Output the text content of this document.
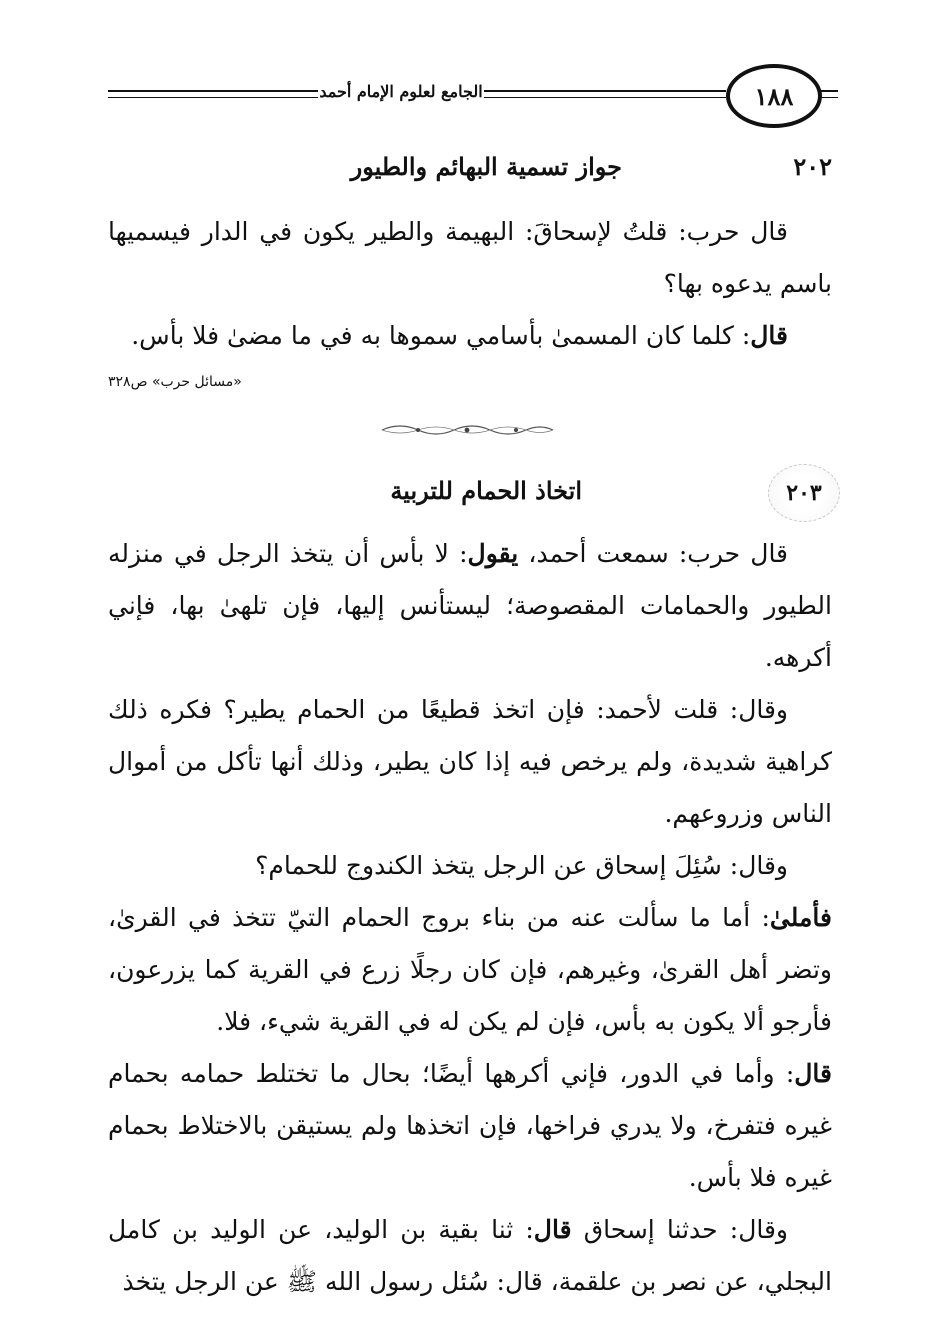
الجامع لعلوم الإمام أحمد	١٨٨
٢٠٢
جواز تسمية البهائم والطيور

قال حرب: قلتُ لإسحاقَ: البهيمة والطير يكون في الدار فيسميها باسم يدعوه بها؟

قال: كلما كان المسمىٰ بأسامي سموها به في ما مضىٰ فلا بأس.

«مسائل حرب» ص٣٢٨
٢٠٣
اتخاذ الحمام للتربية

قال حرب: سمعت أحمد، يقول: لا بأس أن يتخذ الرجل في منزله الطيور والحمامات المقصوصة؛ ليستأنس إليها، فإن تلهىٰ بها، فإني أكرهه.

وقال: قلت لأحمد: فإن اتخذ قطيعًا من الحمام يطير؟ فكره ذلك كراهية شديدة، ولم يرخص فيه إذا كان يطير، وذلك أنها تأكل من أموال الناس وزروعهم.

وقال: سُئِلَ إسحاق عن الرجل يتخذ الكندوج للحمام؟

فأملىٰ: أما ما سألت عنه من بناء بروج الحمام التيّ تتخذ في القرىٰ، وتضر أهل القرىٰ، وغيرهم، فإن كان رجلًا زرع في القرية كما يزرعون، فأرجو ألا يكون به بأس، فإن لم يكن له في القرية شيء، فلا.

قال: وأما في الدور، فإني أكرهها أيضًا؛ بحال ما تختلط حمامه بحمام غيره فتفرخ، ولا يدري فراخها، فإن اتخذها ولم يستيقن بالاختلاط بحمام غيره فلا بأس.

وقال: حدثنا إسحاق قال: ثنا بقية بن الوليد، عن الوليد بن كامل البجلي، عن نصر بن علقمة، قال: سُئل رسول الله ﷺ عن الرجل يتخذ
